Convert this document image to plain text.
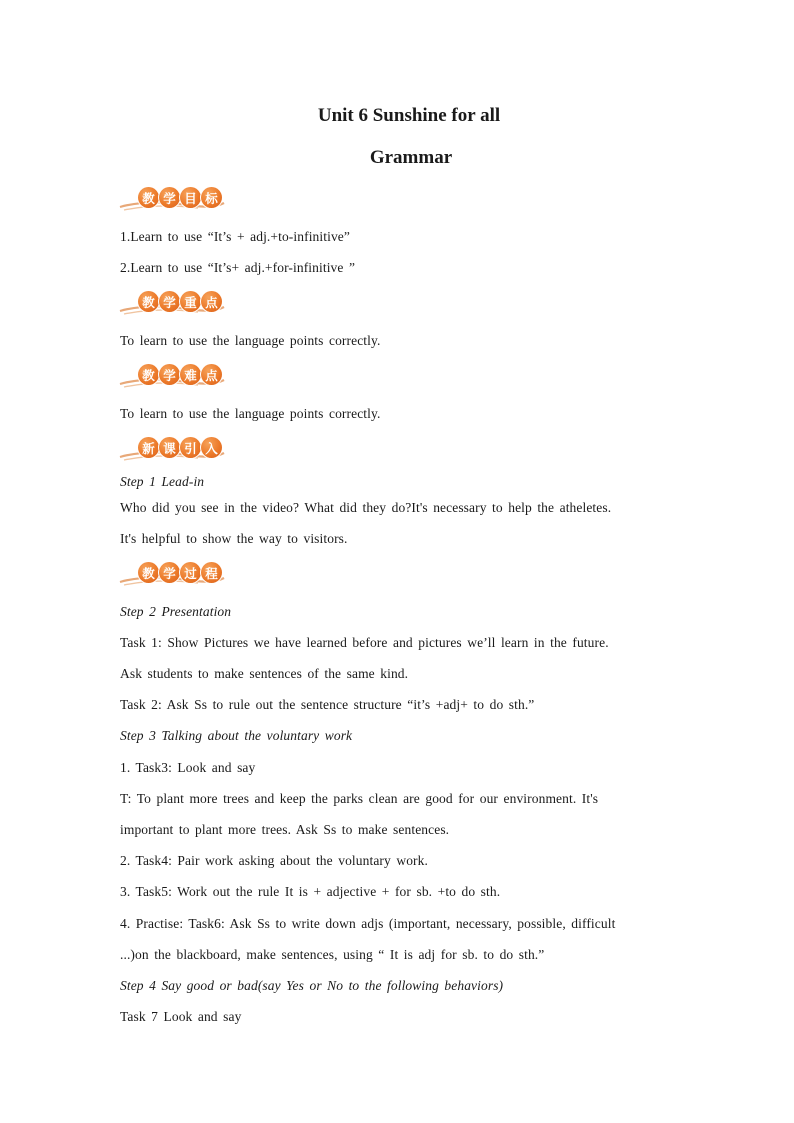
Unit 6 Sunshine for all
Grammar
教 学 目 标
1.Learn to use “It’s + adj.+to-infinitive”
2.Learn to use “It’s+ adj.+for-infinitive ”
教 学 重 点
To learn to use the language points correctly.
教 学 难 点
To learn to use the language points correctly.
新 课 引 入
Step 1 Lead-in
Who did you see in the video? What did they do?It's necessary to help the atheletes.
It's helpful to show the way to visitors.
教 学 过 程
Step 2 Presentation
Task 1: Show Pictures we have learned before and pictures we’ll learn in the future.
Ask students to make sentences of the same kind.
Task 2: Ask Ss to rule out the sentence structure “it’s +adj+ to do sth.”
Step 3 Talking about the voluntary work
1. Task3: Look and say
T: To plant more trees and keep the parks clean are good for our environment. It's
important to plant more trees. Ask Ss to make sentences.
2. Task4: Pair work asking about the voluntary work.
3. Task5: Work out the rule It is + adjective + for sb. +to do sth.
4. Practise: Task6: Ask Ss to write down adjs (important, necessary, possible, difficult
...)on the blackboard, make sentences, using “ It is adj for sb. to do sth.”
Step 4 Say good or bad(say Yes or No to the following behaviors)
Task 7 Look and say
